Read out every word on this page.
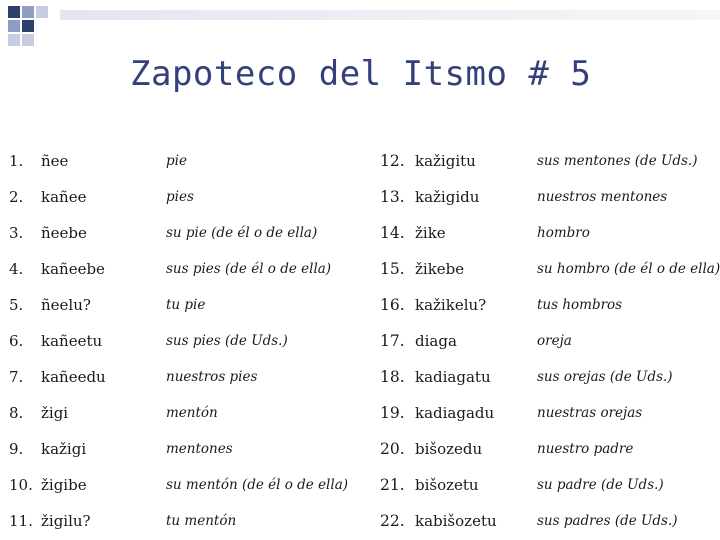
Zapoteco del Itsmo # 5
1. ñee	pie
2. kañee	pies
3. ñeebe	su pie (de él o de ella)
4. kañeebe	sus pies (de él o de ella)
5. ñeelu?	tu pie
6. kañeetu	sus pies (de Uds.)
7. kañeedu	nuestros pies
8. žigi	mentón
9. kažigi	mentones
10. žigibe	su mentón (de él o de ella)
11. žigilu?	tu mentón
12. kažigitu	sus mentones (de Uds.)
13. kažigidu	nuestros mentones
14. žike	hombro
15. žikebe	su hombro (de él o de ella)
16. kažikelu?	tus hombros
17. diaga	oreja
18. kadiagatu	sus orejas (de Uds.)
19. kadiagadu	nuestras orejas
20. bišozedu	nuestro padre
21. bišozetu	su padre (de Uds.)
22. kabišozetu	sus padres (de Uds.)
